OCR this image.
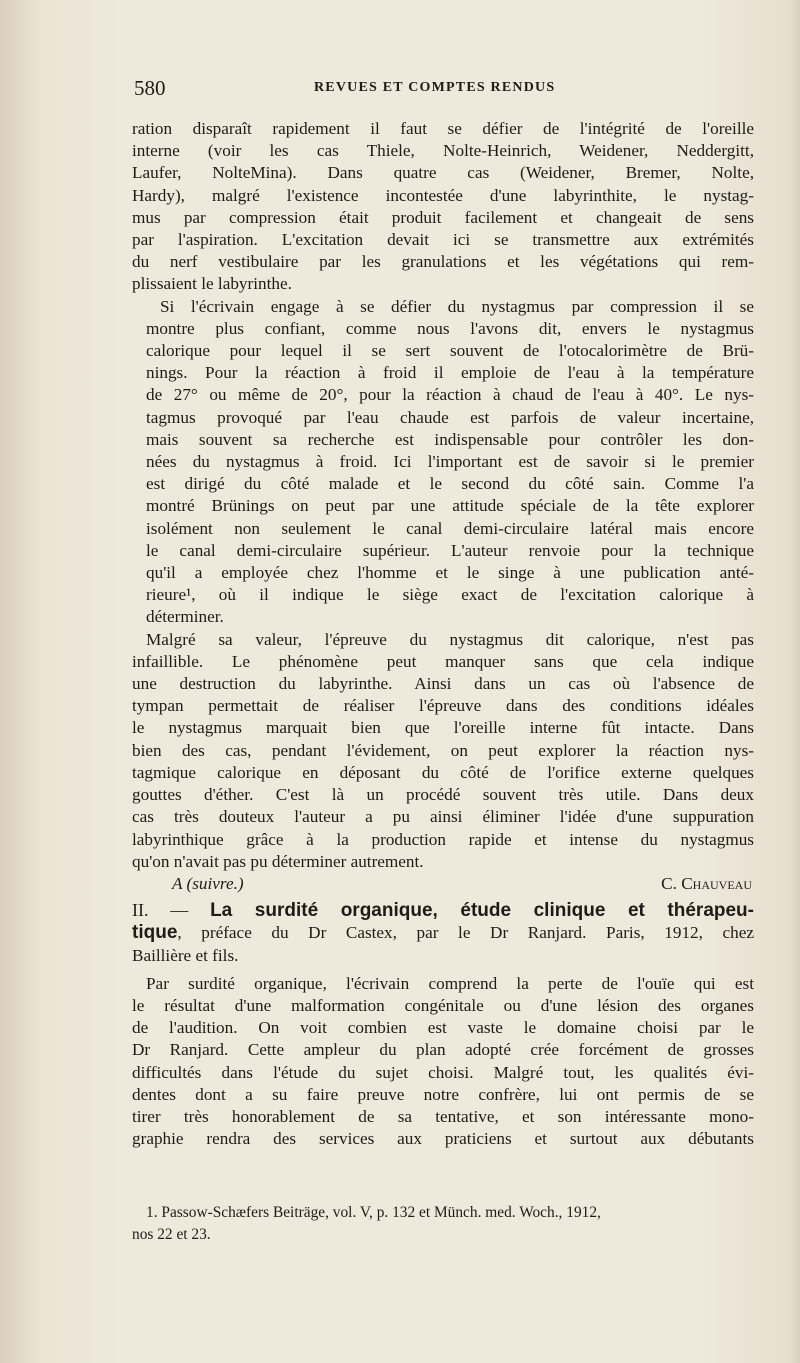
580	REVUES ET COMPTES RENDUS

ration disparaît rapidement il faut se défier de l'intégrité de l'oreille
interne (voir les cas Thiele, Nolte-Heinrich, Weidener, Neddergitt,
Laufer, NolteMina). Dans quatre cas (Weidener, Bremer, Nolte,
Hardy), malgré l'existence incontestée d'une labyrinthite, le nystag-
mus par compression était produit facilement et changeait de sens
par l'aspiration. L'excitation devait ici se transmettre aux extrémités
du nerf vestibulaire par les granulations et les végétations qui rem-
plissaient le labyrinthe.

Si l'écrivain engage à se défier du nystagmus par compression il se
montre plus confiant, comme nous l'avons dit, envers le nystagmus
calorique pour lequel il se sert souvent de l'otocalorimètre de Brü-
nings. Pour la réaction à froid il emploie de l'eau à la température
de 27° ou même de 20°, pour la réaction à chaud de l'eau à 40°. Le nys-
tagmus provoqué par l'eau chaude est parfois de valeur incertaine,
mais souvent sa recherche est indispensable pour contrôler les don-
nées du nystagmus à froid. Ici l'important est de savoir si le premier
est dirigé du côté malade et le second du côté sain. Comme l'a
montré Brünings on peut par une attitude spéciale de la tête explorer
isolément non seulement le canal demi-circulaire latéral mais encore
le canal demi-circulaire supérieur. L'auteur renvoie pour la technique
qu'il a employée chez l'homme et le singe à une publication anté-
rieure¹, où il indique le siège exact de l'excitation calorique à
déterminer.

Malgré sa valeur, l'épreuve du nystagmus dit calorique, n'est pas
infaillible. Le phénomène peut manquer sans que cela indique
une destruction du labyrinthe. Ainsi dans un cas où l'absence de
tympan permettait de réaliser l'épreuve dans des conditions idéales
le nystagmus marquait bien que l'oreille interne fût intacte. Dans
bien des cas, pendant l'évidement, on peut explorer la réaction nys-
tagmique calorique en déposant du côté de l'orifice externe quelques
gouttes d'éther. C'est là un procédé souvent très utile. Dans deux
cas très douteux l'auteur a pu ainsi éliminer l'idée d'une suppuration
labyrinthique grâce à la production rapide et intense du nystagmus
qu'on n'avait pas pu déterminer autrement.

A (suivre.)	C. Chauveau

II. — La surdité organique, étude clinique et thérapeu-
tique, préface du Dr Castex, par le Dr Ranjard. Paris, 1912, chez
Baillière et fils.

Par surdité organique, l'écrivain comprend la perte de l'ouïe qui est
le résultat d'une malformation congénitale ou d'une lésion des organes
de l'audition. On voit combien est vaste le domaine choisi par le
Dr Ranjard. Cette ampleur du plan adopté crée forcément de grosses
difficultés dans l'étude du sujet choisi. Malgré tout, les qualités évi-
dentes dont a su faire preuve notre confrère, lui ont permis de se
tirer très honorablement de sa tentative, et son intéressante mono-
graphie rendra des services aux praticiens et surtout aux débutants

1. Passow-Schæfers Beiträge, vol. V, p. 132 et Münch. med. Woch., 1912,
nos 22 et 23.
